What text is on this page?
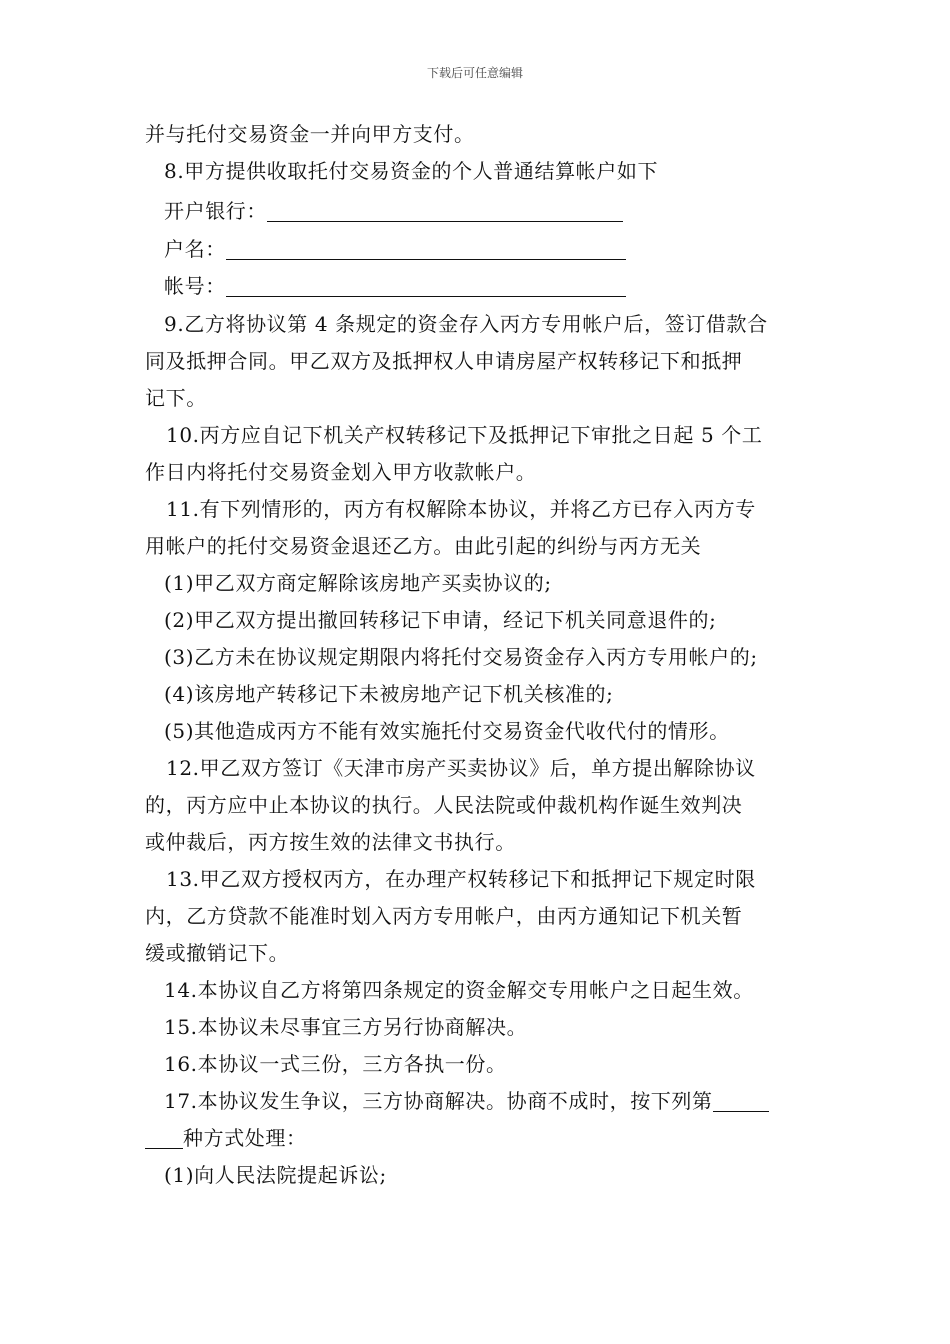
下载后可任意编辑
并与托付交易资金一并向甲方支付。
8.甲方提供收取托付交易资金的个人普通结算帐户如下
开户银行：
户名：
帐号：
9.乙方将协议第 4 条规定的资金存入丙方专用帐户后，签订借款合
同及抵押合同。甲乙双方及抵押权人申请房屋产权转移记下和抵押
记下。
10.丙方应自记下机关产权转移记下及抵押记下审批之日起 5 个工
作日内将托付交易资金划入甲方收款帐户。
11.有下列情形的，丙方有权解除本协议，并将乙方已存入丙方专
用帐户的托付交易资金退还乙方。由此引起的纠纷与丙方无关
(1)甲乙双方商定解除该房地产买卖协议的;
(2)甲乙双方提出撤回转移记下申请，经记下机关同意退件的;
(3)乙方未在协议规定期限内将托付交易资金存入丙方专用帐户的;
(4)该房地产转移记下未被房地产记下机关核准的;
(5)其他造成丙方不能有效实施托付交易资金代收代付的情形。
12.甲乙双方签订《天津市房产买卖协议》后，单方提出解除协议
的，丙方应中止本协议的执行。人民法院或仲裁机构作诞生效判决
或仲裁后，丙方按生效的法律文书执行。
13.甲乙双方授权丙方，在办理产权转移记下和抵押记下规定时限
内，乙方贷款不能准时划入丙方专用帐户，由丙方通知记下机关暂
缓或撤销记下。
14.本协议自乙方将第四条规定的资金解交专用帐户之日起生效。
15.本协议未尽事宜三方另行协商解决。
16.本协议一式三份，三方各执一份。
17.本协议发生争议，三方协商解决。协商不成时，按下列第
种方式处理：
(1)向人民法院提起诉讼;
